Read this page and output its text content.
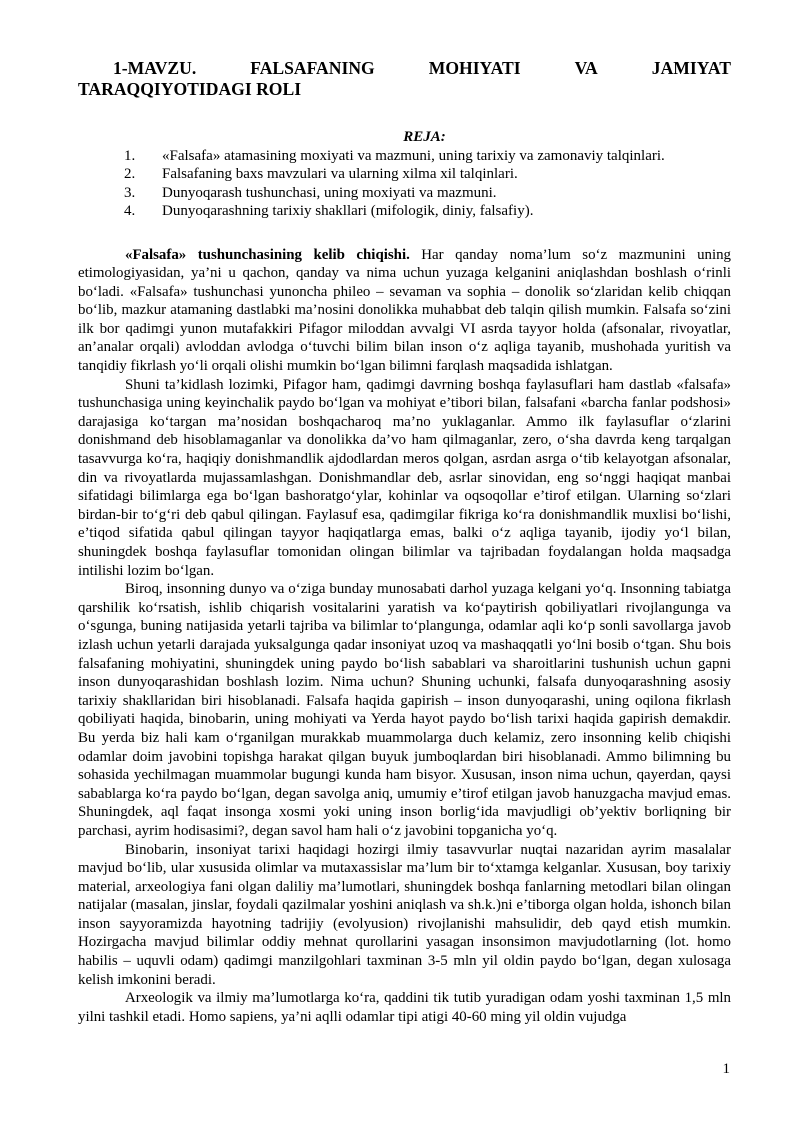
1-MAVZU.	FALSAFANING	MOHIYATI	VA	JAMIYAT
TARAQQIYOTIDAGI ROLI

REJA:

1.	«Falsafa» atamasining moxiyati va mazmuni, uning tarixiy va zamonaviy talqinlari.
2.	Falsafaning baxs mavzulari va ularning xilma xil talqinlari.
3.	Dunyoqarash tushunchasi, uning moxiyati va mazmuni.
4.	Dunyoqarashning tarixiy shakllari (mifologik, diniy, falsafiy).

«Falsafa» tushunchasining kelib chiqishi. Har qanday noma’lum so‘z mazmunini uning etimologiyasidan, ya’ni u qachon, qanday va nima uchun yuzaga kelganini aniqlashdan boshlash o‘rinli bo‘ladi. «Falsafa» tushunchasi yunoncha phileo – sevaman va sophia – donolik so‘zlaridan kelib chiqqan bo‘lib, mazkur atamaning dastlabki ma’nosini donolikka muhabbat deb talqin qilish mumkin. Falsafa so‘zini ilk bor qadimgi yunon mutafakkiri Pifagor miloddan avvalgi VI asrda tayyor holda (afsonalar, rivoyatlar, an’analar orqali) avloddan avlodga o‘tuvchi bilim bilan inson o‘z aqliga tayanib, mushohada yuritish va tanqidiy fikrlash yo‘li orqali olishi mumkin bo‘lgan bilimni farqlash maqsadida ishlatgan.

Shuni ta’kidlash lozimki, Pifagor ham, qadimgi davrning boshqa faylasuflari ham dastlab «falsafa» tushunchasiga uning keyinchalik paydo bo‘lgan va mohiyat e’tibori bilan, falsafani «barcha fanlar podshosi» darajasiga ko‘targan ma’nosidan boshqacharoq ma’no yuklaganlar. Ammo ilk faylasuflar o‘zlarini donishmand deb hisoblamaganlar va donolikka da’vo ham qilmaganlar, zero, o‘sha davrda keng tarqalgan tasavvurga ko‘ra, haqiqiy donishmandlik ajdodlardan meros qolgan, asrdan asrga o‘tib kelayotgan afsonalar, din va rivoyatlarda mujassamlashgan. Donishmandlar deb, asrlar sinovidan, eng so‘nggi haqiqat manbai sifatidagi bilimlarga ega bo‘lgan bashoratgo‘ylar, kohinlar va oqsoqollar e’tirof etilgan. Ularning so‘zlari birdan-bir to‘g‘ri deb qabul qilingan. Faylasuf esa, qadimgilar fikriga ko‘ra donishmandlik muxlisi bo‘lishi, e’tiqod sifatida qabul qilingan tayyor haqiqatlarga emas, balki o‘z aqliga tayanib, ijodiy yo‘l bilan, shuningdek boshqa faylasuflar tomonidan olingan bilimlar va tajribadan foydalangan holda maqsadga intilishi lozim bo‘lgan.

Biroq, insonning dunyo va o‘ziga bunday munosabati darhol yuzaga kelgani yo‘q. Insonning tabiatga qarshilik ko‘rsatish, ishlib chiqarish vositalarini yaratish va ko‘paytirish qobiliyatlari rivojlangunga va o‘sgunga, buning natijasida yetarli tajriba va bilimlar to‘plangunga, odamlar aqli ko‘p sonli savollarga javob izlash uchun yetarli darajada yuksalgunga qadar insoniyat uzoq va mashaqqatli yo‘lni bosib o‘tgan. Shu bois falsafaning mohiyatini, shuningdek uning paydo bo‘lish sabablari va sharoitlarini tushunish uchun gapni inson dunyoqarashidan boshlash lozim. Nima uchun? Shuning uchunki, falsafa dunyoqarashning asosiy tarixiy shakllaridan biri hisoblanadi. Falsafa haqida gapirish – inson dunyoqarashi, uning oqilona fikrlash qobiliyati haqida, binobarin, uning mohiyati va Yerda hayot paydo bo‘lish tarixi haqida gapirish demakdir. Bu yerda biz hali kam o‘rganilgan murakkab muammolarga duch kelamiz, zero insonning kelib chiqishi odamlar doim javobini topishga harakat qilgan buyuk jumboqlardan biri hisoblanadi. Ammo bilimning bu sohasida yechilmagan muammolar bugungi kunda ham bisyor. Xususan, inson nima uchun, qayerdan, qaysi sabablarga ko‘ra paydo bo‘lgan, degan savolga aniq, umumiy e’tirof etilgan javob hanuzgacha mavjud emas. Shuningdek, aql faqat insonga xosmi yoki uning inson borlig‘ida mavjudligi ob’yektiv borliqning bir parchasi, ayrim hodisasimi?, degan savol ham hali o‘z javobini topganicha yo‘q.

Binobarin, insoniyat tarixi haqidagi hozirgi ilmiy tasavvurlar nuqtai nazaridan ayrim masalalar mavjud bo‘lib, ular xususida olimlar va mutaxassislar ma’lum bir to‘xtamga kelganlar. Xususan, boy tarixiy material, arxeologiya fani olgan daliliy ma’lumotlari, shuningdek boshqa fanlarning metodlari bilan olingan natijalar (masalan, jinslar, foydali qazilmalar yoshini aniqlash va sh.k.)ni e’tiborga olgan holda, ishonch bilan inson sayyoramizda hayotning tadrijiy (evolyusion) rivojlanishi mahsulidir, deb qayd etish mumkin. Hozirgacha mavjud bilimlar oddiy mehnat qurollarini yasagan insonsimon mavjudotlarning (lot. homo habilis – uquvli odam) qadimgi manzilgohlari taxminan 3-5 mln yil oldin paydo bo‘lgan, degan xulosaga kelish imkonini beradi.

Arxeologik va ilmiy ma’lumotlarga ko‘ra, qaddini tik tutib yuradigan odam yoshi taxminan 1,5 mln yilni tashkil etadi. Homo sapiens, ya’ni aqlli odamlar tipi atigi 40-60 ming yil oldin vujudga

1
